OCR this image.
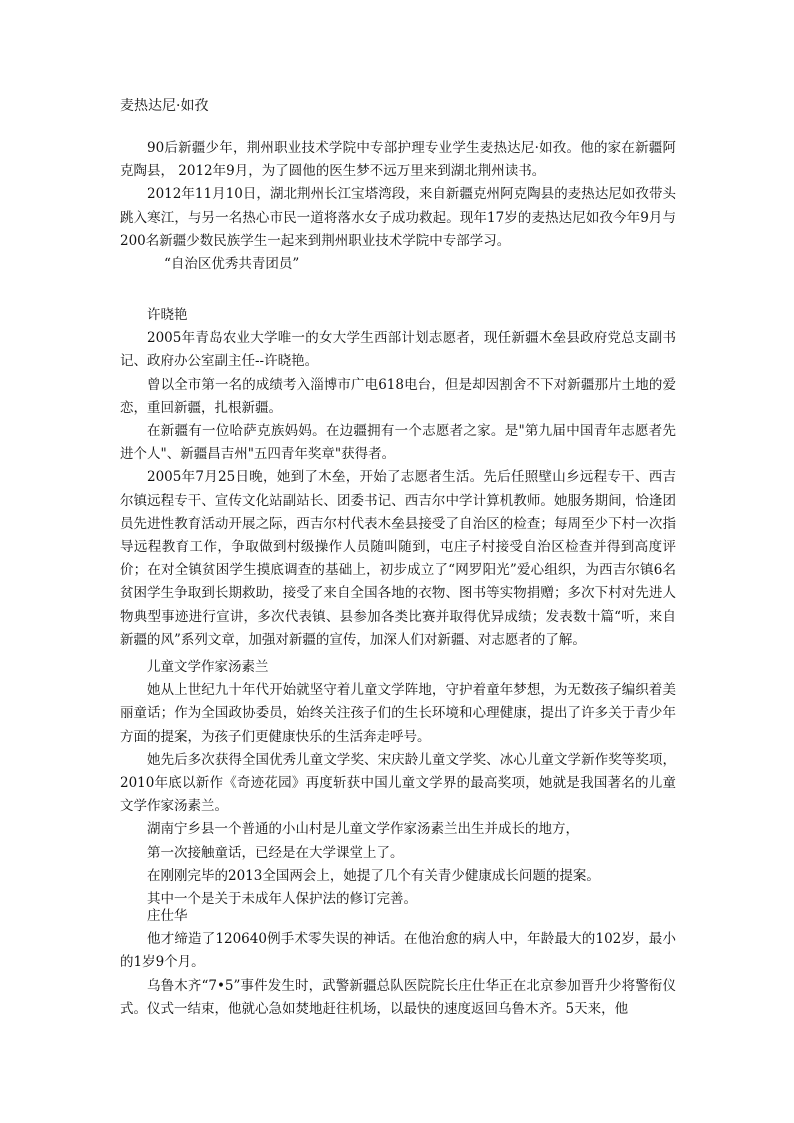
麦热达尼·如孜

90后新疆少年，荆州职业技术学院中专部护理专业学生麦热达尼·如孜。他的家在新疆阿克陶县， 2012年9月，为了圆他的医生梦不远万里来到湖北荆州读书。

2012年11月10日，湖北荆州长江宝塔湾段，来自新疆克州阿克陶县的麦热达尼如孜带头跳入寒江，与另一名热心市民一道将落水女子成功救起。现年17岁的麦热达尼如孜今年9月与200名新疆少数民族学生一起来到荆州职业技术学院中专部学习。

“自治区优秀共青团员”

许晓艳

2005年青岛农业大学唯一的女大学生西部计划志愿者，现任新疆木垒县政府党总支副书记、政府办公室副主任--许晓艳。

曾以全市第一名的成绩考入淄博市广电618电台，但是却因割舍不下对新疆那片土地的爱恋，重回新疆，扎根新疆。

在新疆有一位哈萨克族妈妈。在边疆拥有一个志愿者之家。是"第九届中国青年志愿者先进个人"、新疆昌吉州"五四青年奖章"获得者。

2005年7月25日晚，她到了木垒，开始了志愿者生活。先后任照壁山乡远程专干、西吉尔镇远程专干、宣传文化站副站长、团委书记、西吉尔中学计算机教师。她服务期间，恰逢团员先进性教育活动开展之际，西吉尔村代表木垒县接受了自治区的检查；每周至少下村一次指导远程教育工作，争取做到村级操作人员随叫随到，屯庄子村接受自治区检查并得到高度评价；在对全镇贫困学生摸底调查的基础上，初步成立了“网罗阳光”爱心组织，为西吉尔镇6名贫困学生争取到长期救助，接受了来自全国各地的衣物、图书等实物捐赠；多次下村对先进人物典型事迹进行宣讲，多次代表镇、县参加各类比赛并取得优异成绩；发表数十篇“听，来自新疆的风”系列文章，加强对新疆的宣传，加深人们对新疆、对志愿者的了解。

儿童文学作家汤素兰

她从上世纪九十年代开始就坚守着儿童文学阵地，守护着童年梦想，为无数孩子编织着美丽童话；作为全国政协委员，始终关注孩子们的生长环境和心理健康，提出了许多关于青少年方面的提案，为孩子们更健康快乐的生活奔走呼号。

她先后多次获得全国优秀儿童文学奖、宋庆龄儿童文学奖、冰心儿童文学新作奖等奖项，2010年底以新作《奇迹花园》再度斩获中国儿童文学界的最高奖项，她就是我国著名的儿童文学作家汤素兰。

湖南宁乡县一个普通的小山村是儿童文学作家汤素兰出生并成长的地方，

第一次接触童话，已经是在大学课堂上了。

在刚刚完毕的2013全国两会上，她提了几个有关青少健康成长问题的提案。

其中一个是关于未成年人保护法的修订完善。

庄仕华

他才缔造了120640例手术零失误的神话。在他治愈的病人中，年龄最大的102岁，最小的1岁9个月。

乌鲁木齐“7•5”事件发生时，武警新疆总队医院院长庄仕华正在北京参加晋升少将警衔仪式。仪式一结束，他就心急如焚地赶往机场，以最快的速度返回乌鲁木齐。5天来，他
